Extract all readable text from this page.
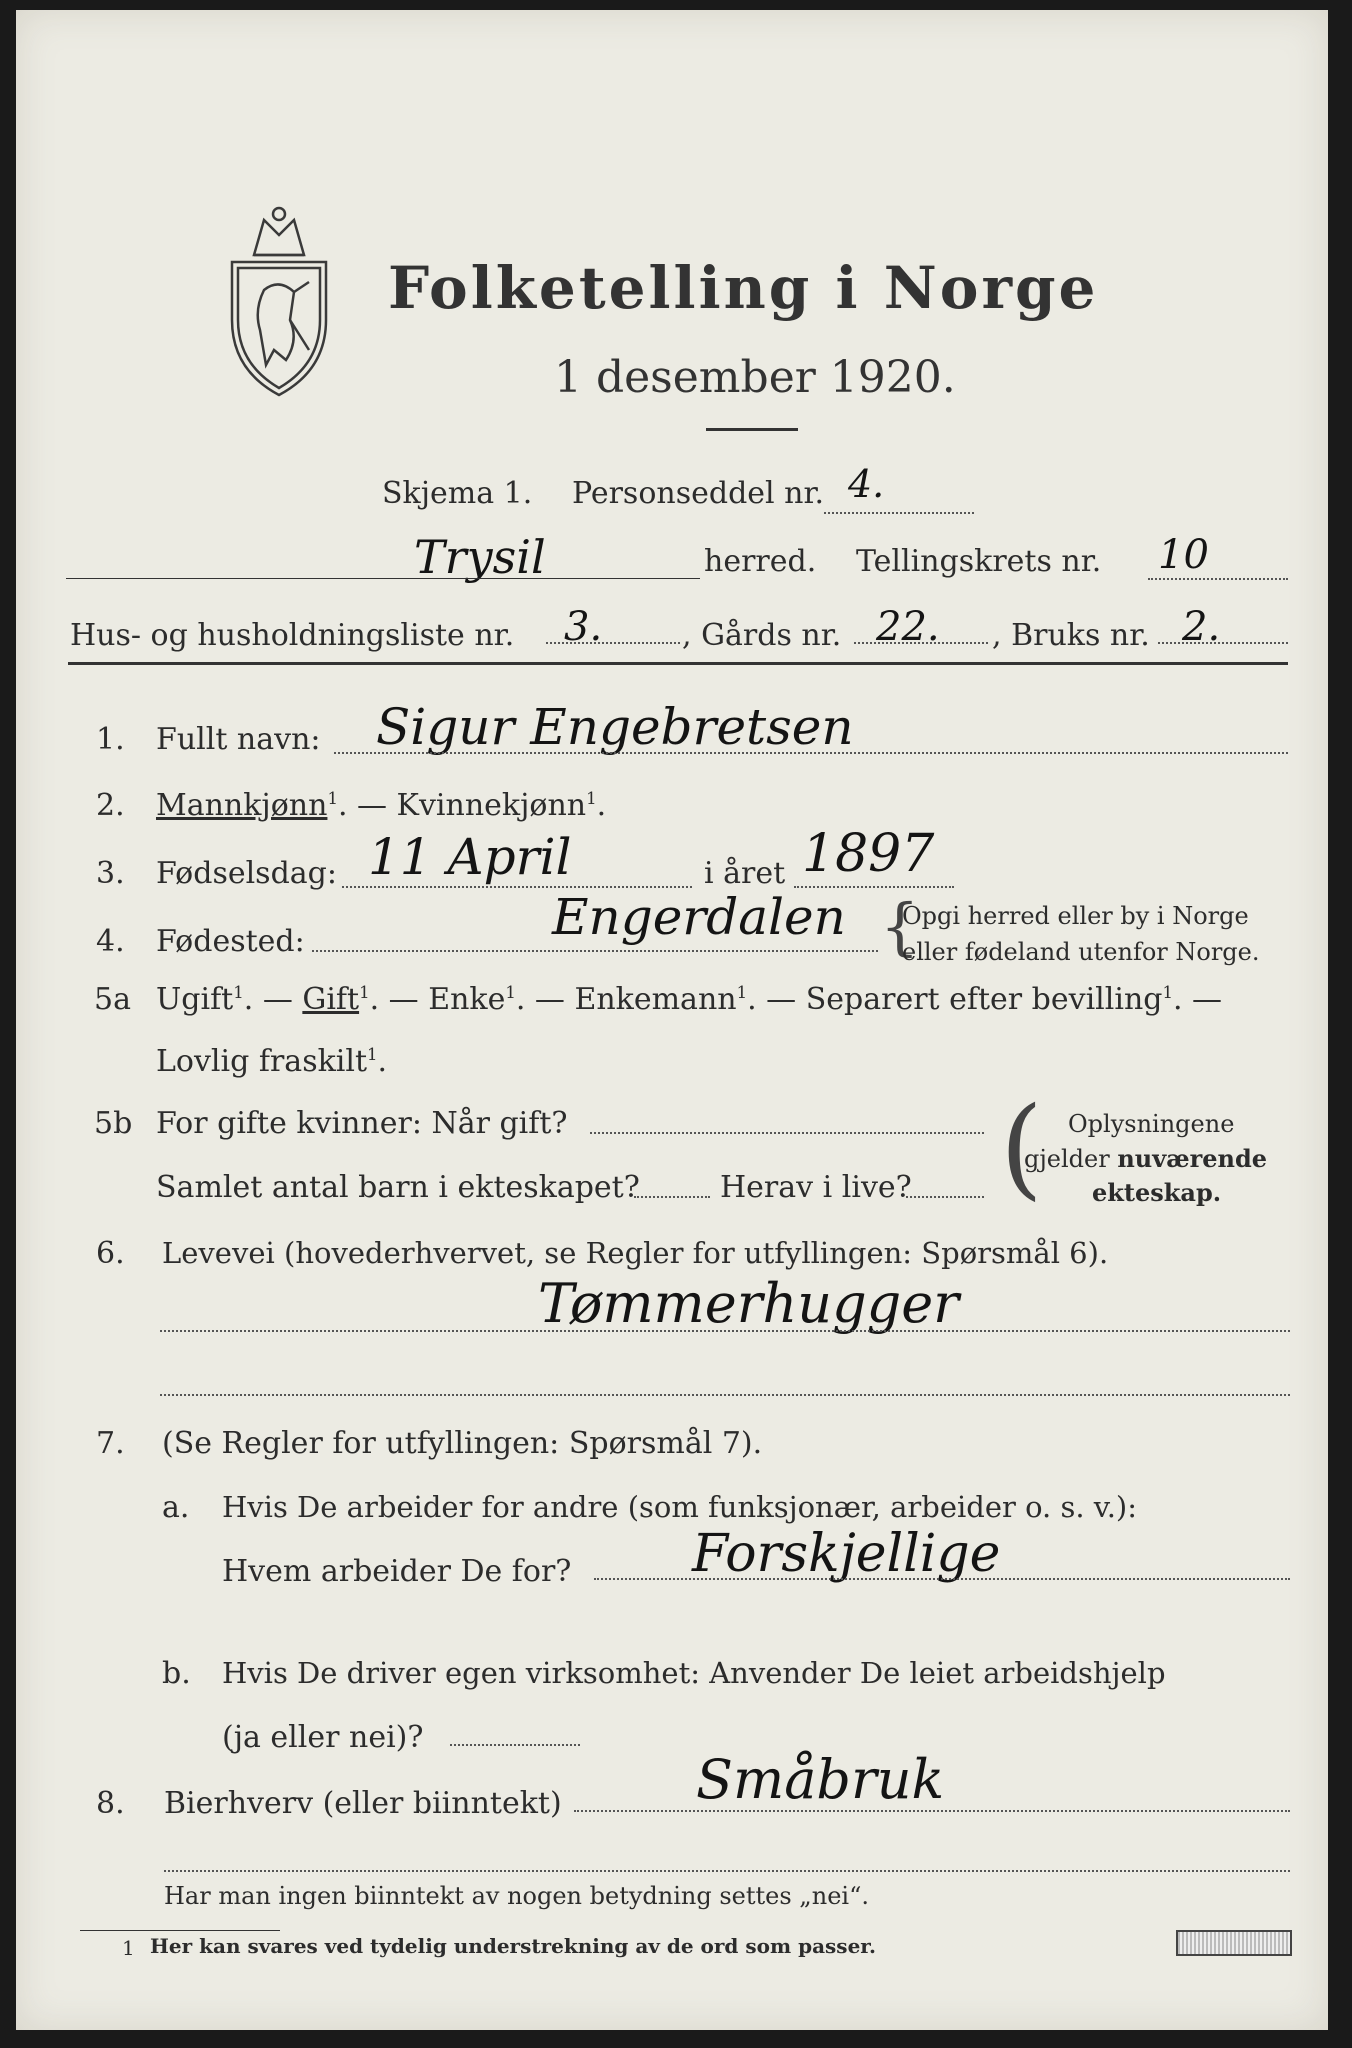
Folketelling i Norge
1 desember 1920.
Skjema 1. Personseddel nr. 4.
Trysil	herred. Tellingskrets nr. 10
Hus- og husholdningsliste nr. 3.	, Gårds nr. 22. , Bruks nr. 2.
1. Fullt navn: Sigur Engebretsen
2. Mannkjønn$^1$. — Kvinnekjønn$^1$.
3. Fødselsdag: 11 April	i året 1897
4. Fødested:	Engerdalen {
Opgi herred eller by i Norge
eller fødeland utenfor Norge.
5a Ugift$^1$. — Gift$^1$. — Enke$^1$. — Enkemann$^1$. — Separert efter bevilling$^1$. —
Lovlig fraskilt$^1$.
5b For gifte kvinner: Når gift?
Samlet antal barn i ekteskapet?	Herav i live? ( Oplysningene
gjelder nuværende
ekteskap.
6. Levevei (hovederhvervet, se Regler for utfyllingen: Spørsmål 6).
Tømmerhugger
7. (Se Regler for utfyllingen: Spørsmål 7).
a. Hvis De arbeider for andre (som funksjonær, arbeider o. s. v.):
Hvem arbeider De for? Forskjellige
b. Hvis De driver egen virksomhet: Anvender De leiet arbeidshjelp
(ja eller nei)?
8. Bierhverv (eller biinntekt) Småbruk
Har man ingen biinntekt av nogen betydning settes „nei“.
1 Her kan svares ved tydelig understrekning av de ord som passer.
